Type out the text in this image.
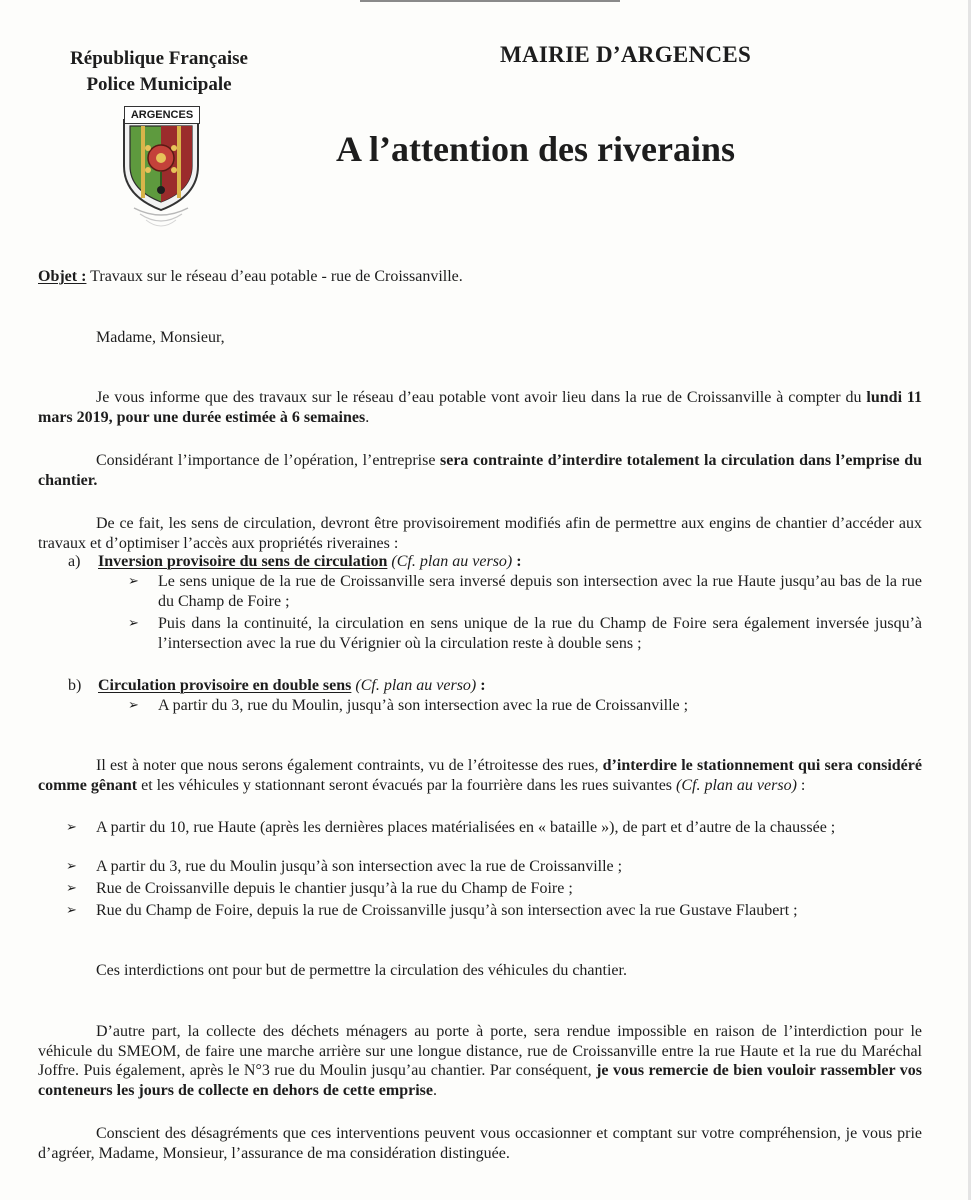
République Française
Police Municipale
ARGENCES
MAIRIE D’ARGENCES
A l’attention des riverains
Objet : Travaux sur le réseau d’eau potable - rue de Croissanville.
Madame, Monsieur,
Je vous informe que des travaux sur le réseau d’eau potable vont avoir lieu dans la rue de Croissanville à compter du lundi 11 mars 2019, pour une durée estimée à 6 semaines.
Considérant l’importance de l’opération, l’entreprise sera contrainte d’interdire totalement la circulation dans l’emprise du chantier.
De ce fait, les sens de circulation, devront être provisoirement modifiés afin de permettre aux engins de chantier d’accéder aux travaux et d’optimiser l’accès aux propriétés riveraines :
a) Inversion provisoire du sens de circulation (Cf. plan au verso) :
➢ Le sens unique de la rue de Croissanville sera inversé depuis son intersection avec la rue Haute jusqu’au bas de la rue du Champ de Foire ;
➢ Puis dans la continuité, la circulation en sens unique de la rue du Champ de Foire sera également inversée jusqu’à l’intersection avec la rue du Vérignier où la circulation reste à double sens ;
b) Circulation provisoire en double sens (Cf. plan au verso) :
➢ A partir du 3, rue du Moulin, jusqu’à son intersection avec la rue de Croissanville ;
Il est à noter que nous serons également contraints, vu de l’étroitesse des rues, d’interdire le stationnement qui sera considéré comme gênant et les véhicules y stationnant seront évacués par la fourrière dans les rues suivantes (Cf. plan au verso) :
➢ A partir du 10, rue Haute (après les dernières places matérialisées en « bataille »), de part et d’autre de la chaussée ;
➢ A partir du 3, rue du Moulin jusqu’à son intersection avec la rue de Croissanville ;
➢ Rue de Croissanville depuis le chantier jusqu’à la rue du Champ de Foire ;
➢ Rue du Champ de Foire, depuis la rue de Croissanville jusqu’à son intersection avec la rue Gustave Flaubert ;
Ces interdictions ont pour but de permettre la circulation des véhicules du chantier.
D’autre part, la collecte des déchets ménagers au porte à porte, sera rendue impossible en raison de l’interdiction pour le véhicule du SMEOM, de faire une marche arrière sur une longue distance, rue de Croissanville entre la rue Haute et la rue du Maréchal Joffre. Puis également, après le N°3 rue du Moulin jusqu’au chantier. Par conséquent, je vous remercie de bien vouloir rassembler vos conteneurs les jours de collecte en dehors de cette emprise.
Conscient des désagréments que ces interventions peuvent vous occasionner et comptant sur votre compréhension, je vous prie d’agréer, Madame, Monsieur, l’assurance de ma considération distinguée.
